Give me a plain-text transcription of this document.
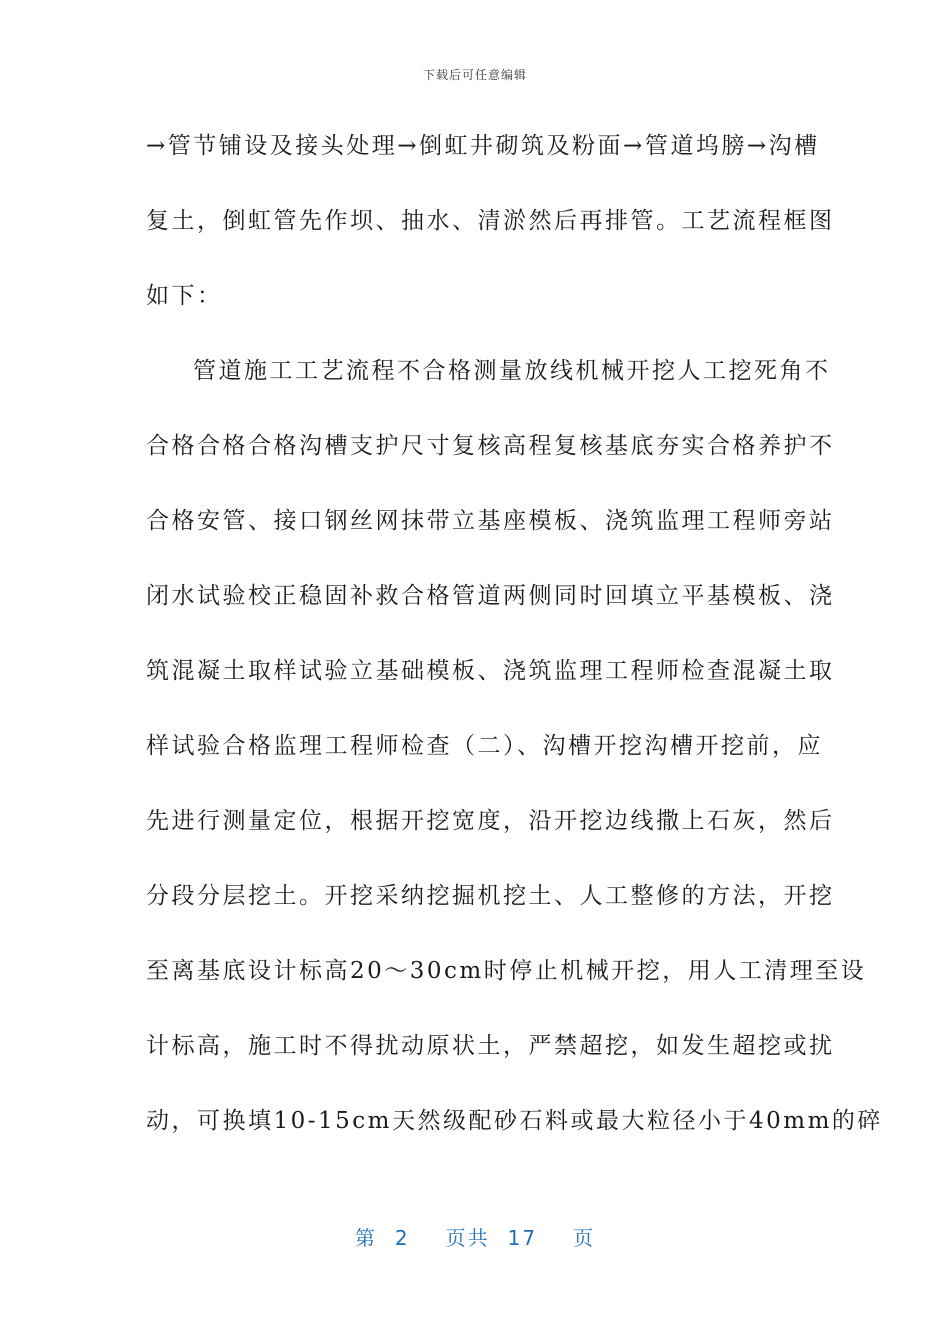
下载后可任意编辑
→管节铺设及接头处理→倒虹井砌筑及粉面→管道坞膀→沟槽
复土，倒虹管先作坝、抽水、清淤然后再排管。工艺流程框图
如下：
管道施工工艺流程不合格测量放线机械开挖人工挖死角不
合格合格合格沟槽支护尺寸复核高程复核基底夯实合格养护不
合格安管、接口钢丝网抹带立基座模板、浇筑监理工程师旁站
闭水试验校正稳固补救合格管道两侧同时回填立平基模板、浇
筑混凝土取样试验立基础模板、浇筑监理工程师检查混凝土取
样试验合格监理工程师检查（二）、沟槽开挖沟槽开挖前，应
先进行测量定位，根据开挖宽度，沿开挖边线撒上石灰，然后
分段分层挖土。开挖采纳挖掘机挖土、人工整修的方法，开挖
至离基底设计标高20～30cm时停止机械开挖，用人工清理至设
计标高，施工时不得扰动原状土，严禁超挖，如发生超挖或扰
动，可换填10-15cm天然级配砂石料或最大粒径小于40mm的碎
第 2 页共 17 页
